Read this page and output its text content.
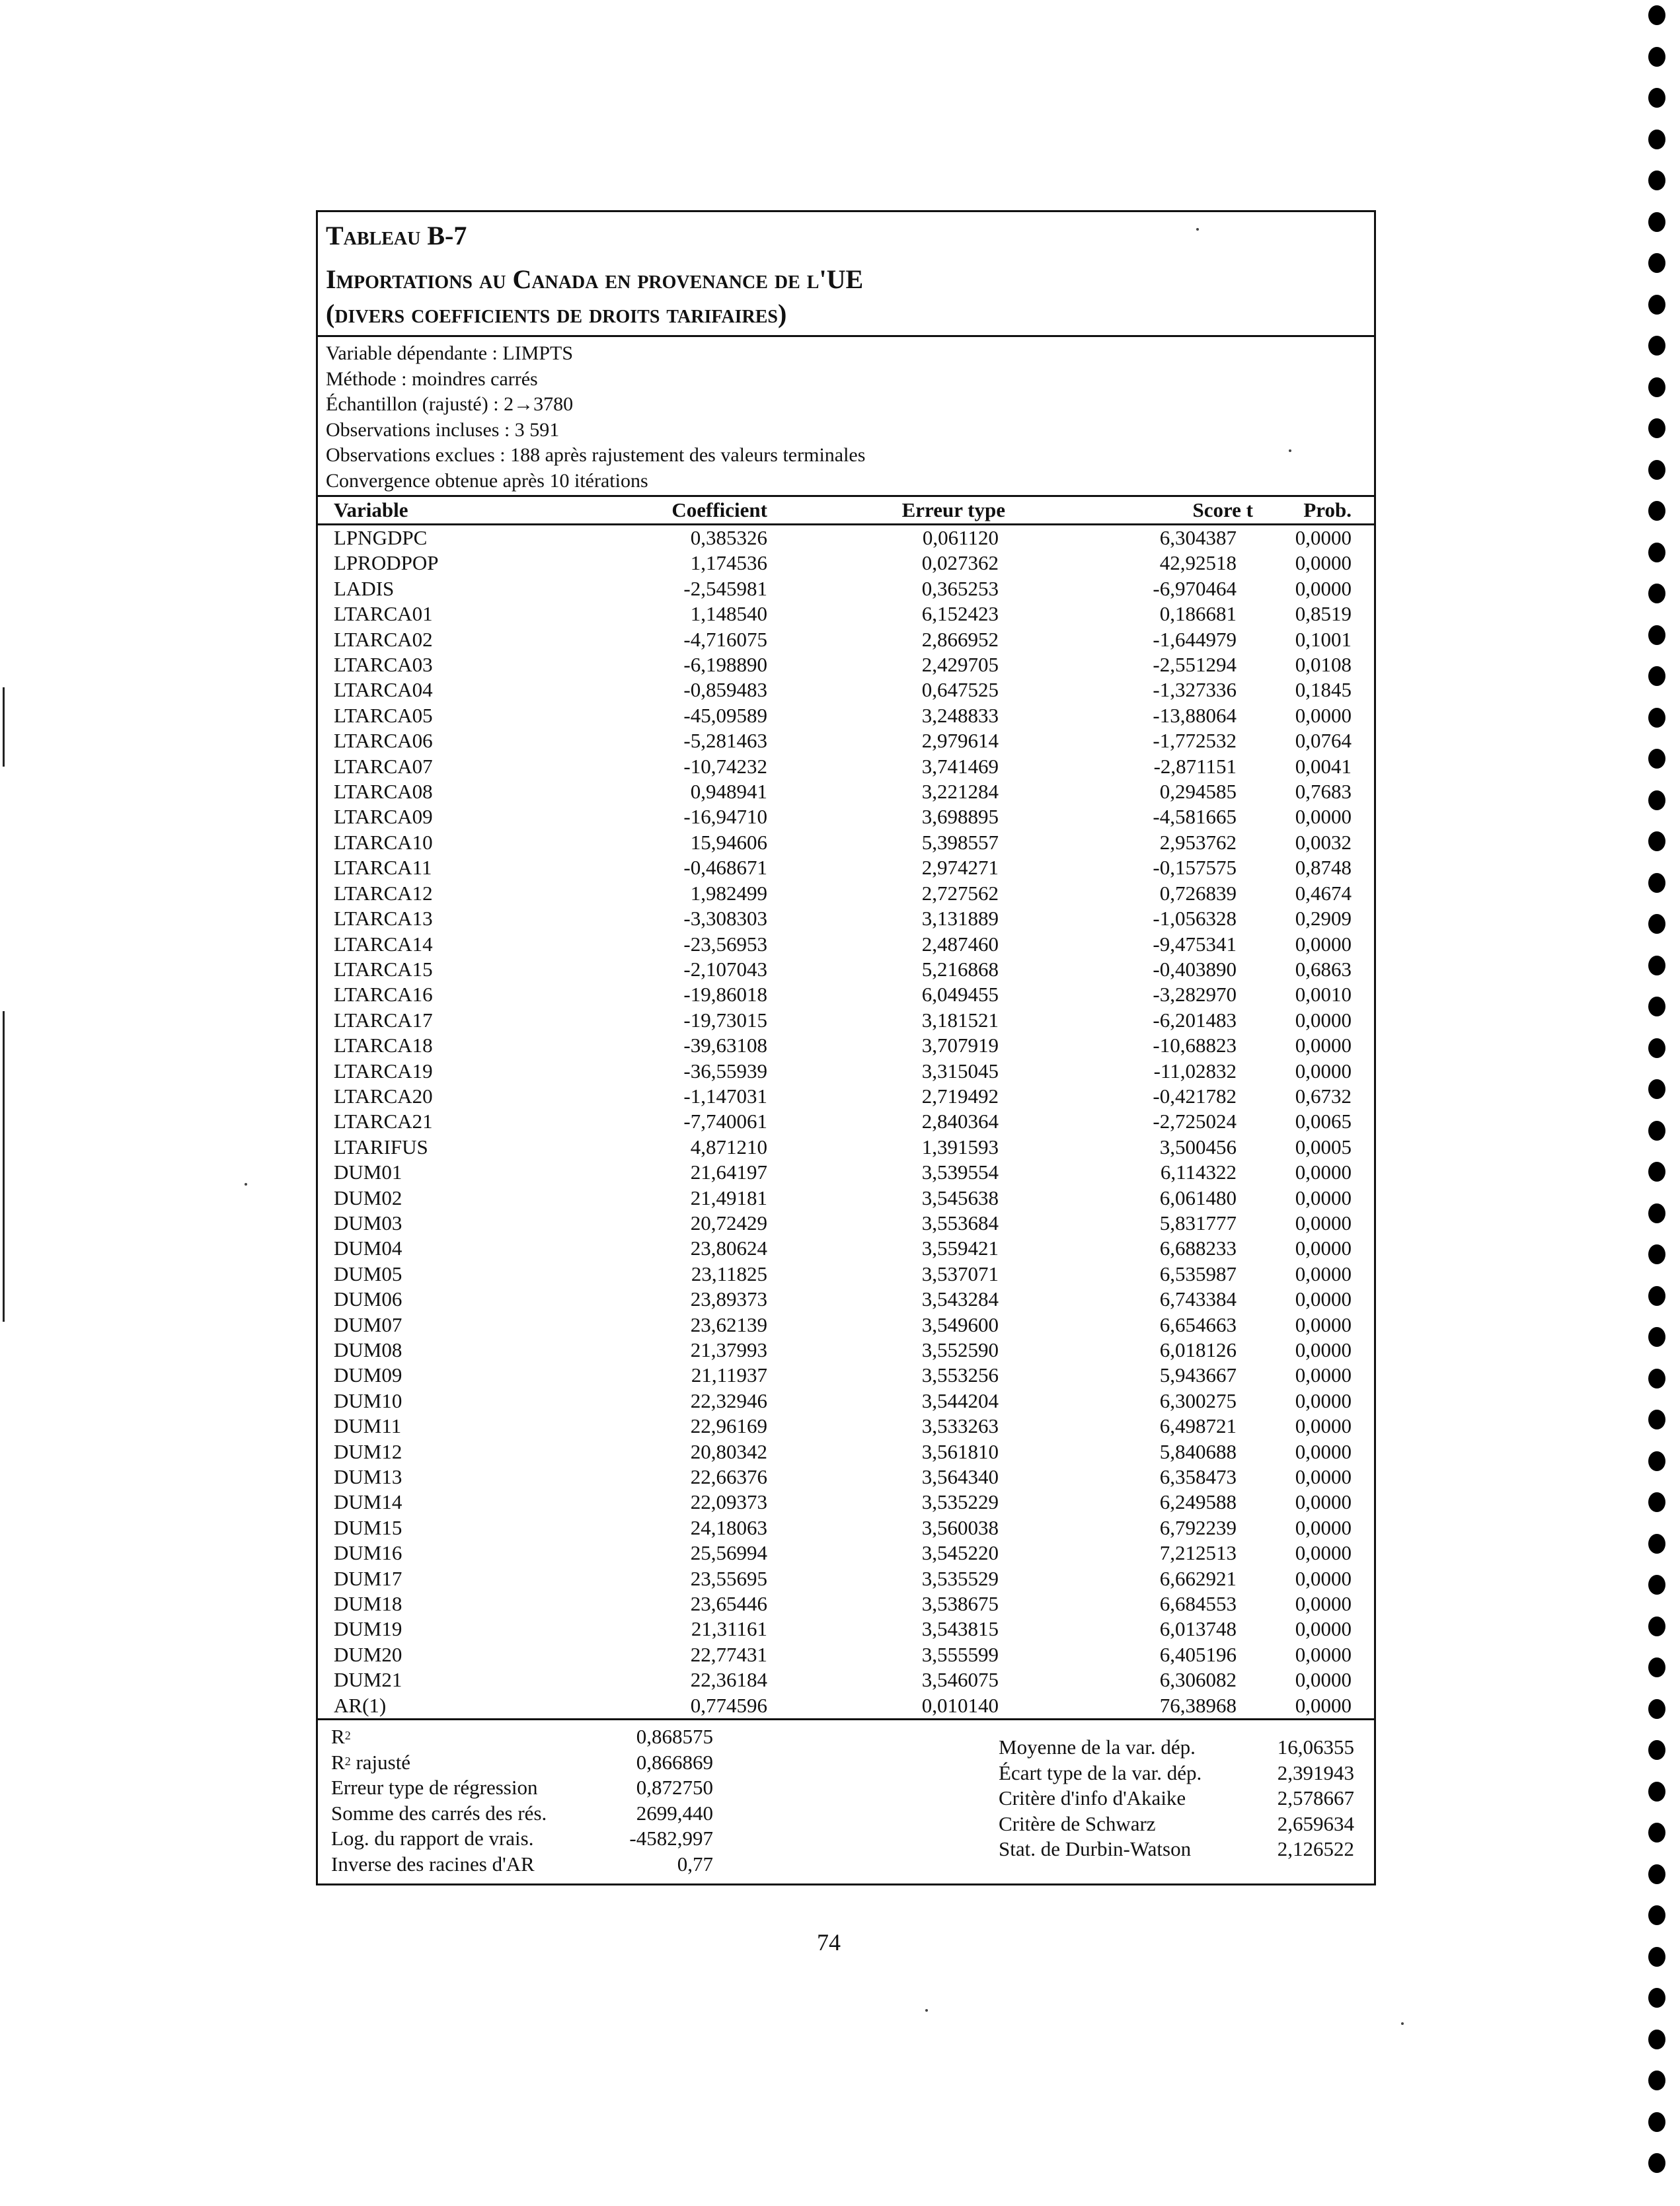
Tableau B-7
Importations au Canada en provenance de l'UE
(divers coefficients de droits tarifaires)
Variable dépendante : LIMPTS
Méthode : moindres carrés
Échantillon (rajusté) : 2→3780
Observations incluses : 3 591
Observations exclues : 188 après rajustement des valeurs terminales
Convergence obtenue après 10 itérations
Variable	Coefficient	Erreur type	Score t	Prob.
LPNGDPC	0,385326	0,061120	6,304387	0,0000
LPRODPOP	1,174536	0,027362	42,92518	0,0000
LADIS	-2,545981	0,365253	-6,970464	0,0000
LTARCA01	1,148540	6,152423	0,186681	0,8519
LTARCA02	-4,716075	2,866952	-1,644979	0,1001
LTARCA03	-6,198890	2,429705	-2,551294	0,0108
LTARCA04	-0,859483	0,647525	-1,327336	0,1845
LTARCA05	-45,09589	3,248833	-13,88064	0,0000
LTARCA06	-5,281463	2,979614	-1,772532	0,0764
LTARCA07	-10,74232	3,741469	-2,871151	0,0041
LTARCA08	0,948941	3,221284	0,294585	0,7683
LTARCA09	-16,94710	3,698895	-4,581665	0,0000
LTARCA10	15,94606	5,398557	2,953762	0,0032
LTARCA11	-0,468671	2,974271	-0,157575	0,8748
LTARCA12	1,982499	2,727562	0,726839	0,4674
LTARCA13	-3,308303	3,131889	-1,056328	0,2909
LTARCA14	-23,56953	2,487460	-9,475341	0,0000
LTARCA15	-2,107043	5,216868	-0,403890	0,6863
LTARCA16	-19,86018	6,049455	-3,282970	0,0010
LTARCA17	-19,73015	3,181521	-6,201483	0,0000
LTARCA18	-39,63108	3,707919	-10,68823	0,0000
LTARCA19	-36,55939	3,315045	-11,02832	0,0000
LTARCA20	-1,147031	2,719492	-0,421782	0,6732
LTARCA21	-7,740061	2,840364	-2,725024	0,0065
LTARIFUS	4,871210	1,391593	3,500456	0,0005
DUM01	21,64197	3,539554	6,114322	0,0000
DUM02	21,49181	3,545638	6,061480	0,0000
DUM03	20,72429	3,553684	5,831777	0,0000
DUM04	23,80624	3,559421	6,688233	0,0000
DUM05	23,11825	3,537071	6,535987	0,0000
DUM06	23,89373	3,543284	6,743384	0,0000
DUM07	23,62139	3,549600	6,654663	0,0000
DUM08	21,37993	3,552590	6,018126	0,0000
DUM09	21,11937	3,553256	5,943667	0,0000
DUM10	22,32946	3,544204	6,300275	0,0000
DUM11	22,96169	3,533263	6,498721	0,0000
DUM12	20,80342	3,561810	5,840688	0,0000
DUM13	22,66376	3,564340	6,358473	0,0000
DUM14	22,09373	3,535229	6,249588	0,0000
DUM15	24,18063	3,560038	6,792239	0,0000
DUM16	25,56994	3,545220	7,212513	0,0000
DUM17	23,55695	3,535529	6,662921	0,0000
DUM18	23,65446	3,538675	6,684553	0,0000
DUM19	21,31161	3,543815	6,013748	0,0000
DUM20	22,77431	3,555599	6,405196	0,0000
DUM21	22,36184	3,546075	6,306082	0,0000
AR(1)	0,774596	0,010140	76,38968	0,0000
$R^2$	0,868575
$R^2$ rajusté	0,866869
Erreur type de régression	0,872750
Somme des carrés des rés.	2699,440
Log. du rapport de vrais.	-4582,997
Inverse des racines d'AR	0,77
Moyenne de la var. dép.	16,06355
Écart type de la var. dép.	2,391943
Critère d'info d'Akaike	2,578667
Critère de Schwarz	2,659634
Stat. de Durbin-Watson	2,126522
74
